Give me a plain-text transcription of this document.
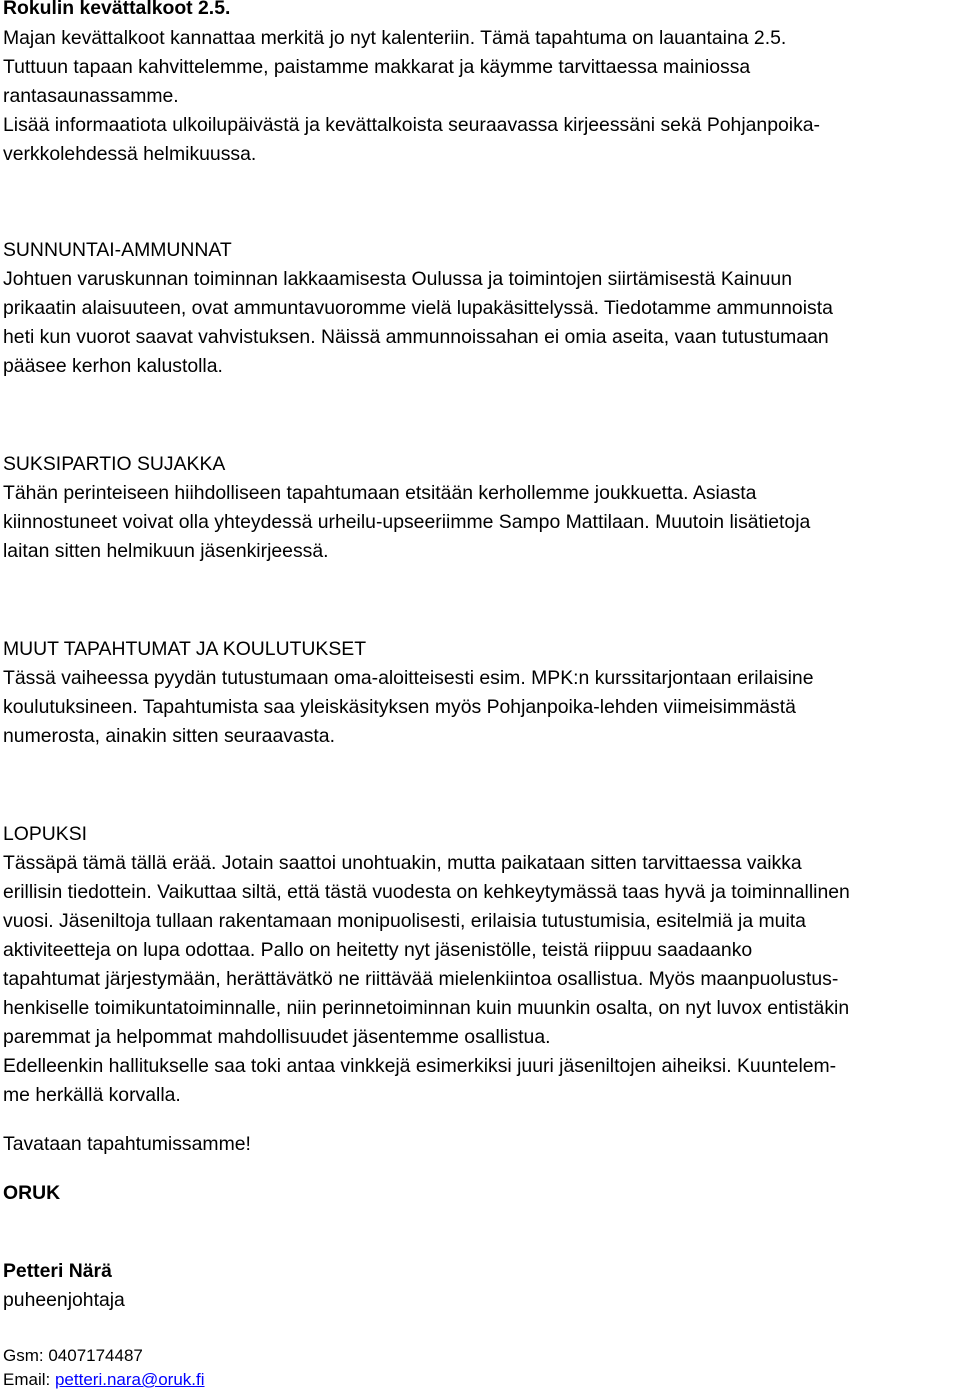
Rokulin kevättalkoot 2.5.
Majan kevättalkoot kannattaa merkitä jo nyt kalenteriin. Tämä tapahtuma on lauantaina 2.5.
Tuttuun tapaan kahvittelemme, paistamme makkarat ja käymme tarvittaessa mainiossa
rantasaunassamme.
Lisää informaatiota ulkoilupäivästä ja kevättalkoista seuraavassa kirjeessäni sekä Pohjanpoika-
verkkolehdessä helmikuussa.
SUNNUNTAI-AMMUNNAT
Johtuen varuskunnan toiminnan lakkaamisesta Oulussa ja toimintojen siirtämisestä Kainuun
prikaatin alaisuuteen, ovat ammuntavuoromme vielä lupakäsittelyssä. Tiedotamme ammunnoista
heti kun vuorot saavat vahvistuksen. Näissä ammunnoissahan ei omia aseita, vaan tutustumaan
pääsee kerhon kalustolla.
SUKSIPARTIO SUJAKKA
Tähän perinteiseen hiihdolliseen tapahtumaan etsitään kerhollemme joukkuetta. Asiasta
kiinnostuneet voivat olla yhteydessä urheilu-upseeriimme Sampo Mattilaan. Muutoin lisätietoja
laitan sitten helmikuun jäsenkirjeessä.
MUUT TAPAHTUMAT JA KOULUTUKSET
Tässä vaiheessa pyydän tutustumaan oma-aloitteisesti esim. MPK:n kurssitarjontaan erilaisine
koulutuksineen. Tapahtumista saa yleiskäsityksen myös Pohjanpoika-lehden viimeisimmästä
numerosta, ainakin sitten seuraavasta.
LOPUKSI
Tässäpä tämä tällä erää. Jotain saattoi unohtuakin, mutta paikataan sitten tarvittaessa vaikka
erillisin tiedottein. Vaikuttaa siltä, että tästä vuodesta on kehkeytymässä taas hyvä ja toiminnallinen
vuosi. Jäseniltoja tullaan rakentamaan monipuolisesti, erilaisia tutustumisia, esitelmiä ja muita
aktiviteetteja on lupa odottaa. Pallo on heitetty nyt jäsenistölle, teistä riippuu saadaanko
tapahtumat järjestymään, herättävätkö ne riittävää mielenkiintoa osallistua. Myös maanpuolustus-
henkiselle toimikuntatoiminnalle, niin perinnetoiminnan kuin muunkin osalta, on nyt luvox entistäkin
paremmat ja helpommat mahdollisuudet jäsentemme osallistua.
Edelleenkin hallitukselle saa toki antaa vinkkejä esimerkiksi juuri jäseniltojen aiheiksi. Kuuntelem-
me herkällä korvalla.
Tavataan tapahtumissamme!
ORUK
Petteri Närä
puheenjohtaja
Gsm: 0407174487
Email: petteri.nara@oruk.fi
